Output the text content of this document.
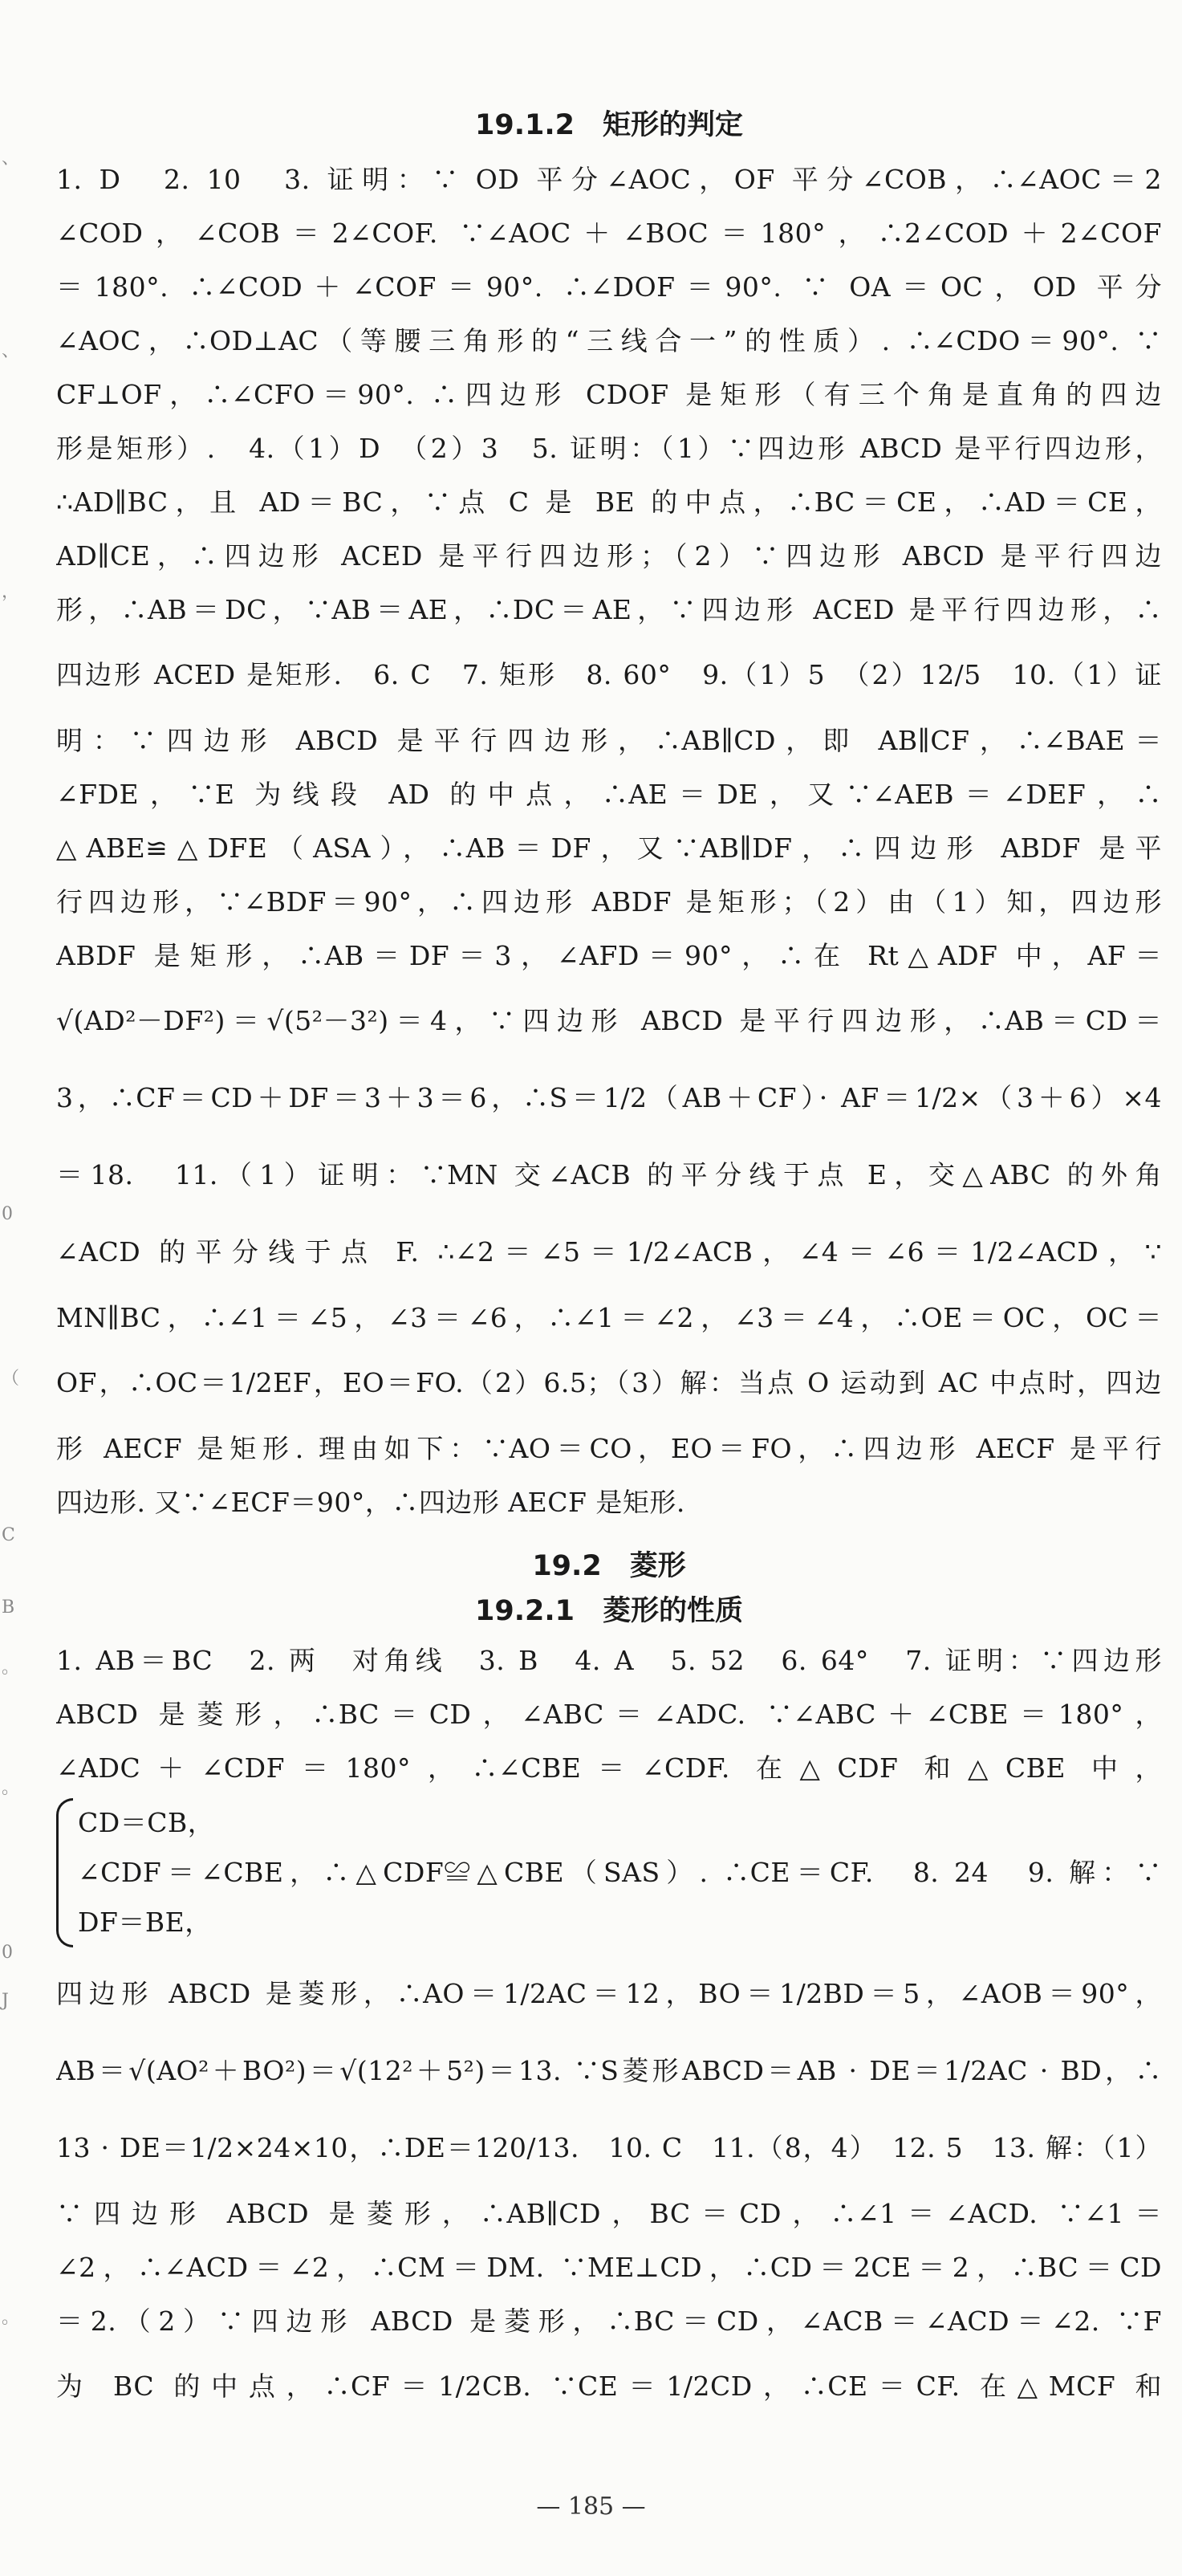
、
、
，
0
（
C
B
。
。
0
J
。
19.1.2　矩形的判定

1. D　2. 10　3. 证明：∵ OD 平分∠AOC，OF 平分∠COB，∴∠AOC＝2

∠COD，∠COB＝2∠COF. ∵∠AOC＋∠BOC＝180°，∴2∠COD＋2∠COF

＝180°. ∴∠COD＋∠COF＝90°. ∴∠DOF＝90°. ∵ OA＝OC，OD 平分

∠AOC，∴OD⊥AC（等腰三角形的“三线合一”的性质）. ∴∠CDO＝90°. ∵

CF⊥OF，∴∠CFO＝90°. ∴四边形 CDOF 是矩形（有三个角是直角的四边

形是矩形）.　4.（1）D　（2）3　5. 证明：（1）∵四边形 ABCD 是平行四边形，

∴AD∥BC，且 AD＝BC，∵点 C 是 BE 的中点，∴BC＝CE，∴AD＝CE，

AD∥CE，∴四边形 ACED 是平行四边形；（2）∵四边形 ABCD 是平行四边

形，∴AB＝DC，∵AB＝AE，∴DC＝AE，∵四边形 ACED 是平行四边形，∴

四边形 ACED 是矩形.　6. C　7. 矩形　8. 60°　9.（1）5　（2）12/5　10.（1）证

明：∵四边形 ABCD 是平行四边形，∴AB∥CD，即 AB∥CF，∴∠BAE＝

∠FDE，∵E 为线段 AD 的中点，∴AE＝DE，又∵∠AEB＝∠DEF，∴

△ABE≌△DFE（ASA），∴AB＝DF，又∵AB∥DF，∴四边形 ABDF 是平

行四边形，∵∠BDF＝90°，∴四边形 ABDF 是矩形；（2）由（1）知，四边形

ABDF 是矩形，∴AB＝DF＝3，∠AFD＝90°，∴在 Rt△ADF 中，AF＝

√(AD²－DF²)＝√(5²－3²)＝4，∵四边形 ABCD 是平行四边形，∴AB＝CD＝

3，∴CF＝CD＋DF＝3＋3＝6，∴S＝1/2（AB＋CF）· AF＝1/2×（3＋6）×4

＝18.　11.（1）证明：∵MN 交∠ACB 的平分线于点 E，交△ABC 的外角

∠ACD 的平分线于点 F. ∴∠2＝∠5＝1/2∠ACB，∠4＝∠6＝1/2∠ACD，∵

MN∥BC，∴∠1＝∠5，∠3＝∠6，∴∠1＝∠2，∠3＝∠4，∴OE＝OC，OC＝

OF，∴OC＝1/2EF，EO＝FO.（2）6.5；（3）解：当点 O 运动到 AC 中点时，四边

形 AECF 是矩形. 理由如下：∵AO＝CO，EO＝FO，∴四边形 AECF 是平行

四边形. 又∵∠ECF＝90°，∴四边形 AECF 是矩形.

19.2　菱形
19.2.1　菱形的性质

1. AB＝BC　2. 两　对角线　3. B　4. A　5. 52　6. 64°　7. 证明：∵四边形

ABCD 是菱形，∴BC＝CD，∠ABC＝∠ADC. ∵∠ABC＋∠CBE＝180°，

∠ADC＋∠CDF＝180°，∴∠CBE＝∠CDF. 在△CDF 和△CBE 中，

CD＝CB，

∠CDF＝∠CBE，∴△CDF≌△CBE（SAS）. ∴CE＝CF.　8. 24　9. 解：∵

DF＝BE，

四边形 ABCD 是菱形，∴AO＝1/2AC＝12，BO＝1/2BD＝5，∠AOB＝90°，

AB＝√(AO²＋BO²)＝√(12²＋5²)＝13. ∵S菱形ABCD＝AB · DE＝1/2AC · BD，∴

13 · DE＝1/2×24×10，∴DE＝120/13.　10. C　11.（8，4）　12. 5　13. 解：（1）

∵四边形 ABCD 是菱形，∴AB∥CD，BC＝CD，∴∠1＝∠ACD. ∵∠1＝

∠2，∴∠ACD＝∠2，∴CM＝DM. ∵ME⊥CD，∴CD＝2CE＝2，∴BC＝CD

＝2.（2）∵四边形 ABCD 是菱形，∴BC＝CD，∠ACB＝∠ACD＝∠2. ∵F

为 BC 的中点，∴CF＝1/2CB. ∵CE＝1/2CD，∴CE＝CF. 在△MCF 和

— 185 —
